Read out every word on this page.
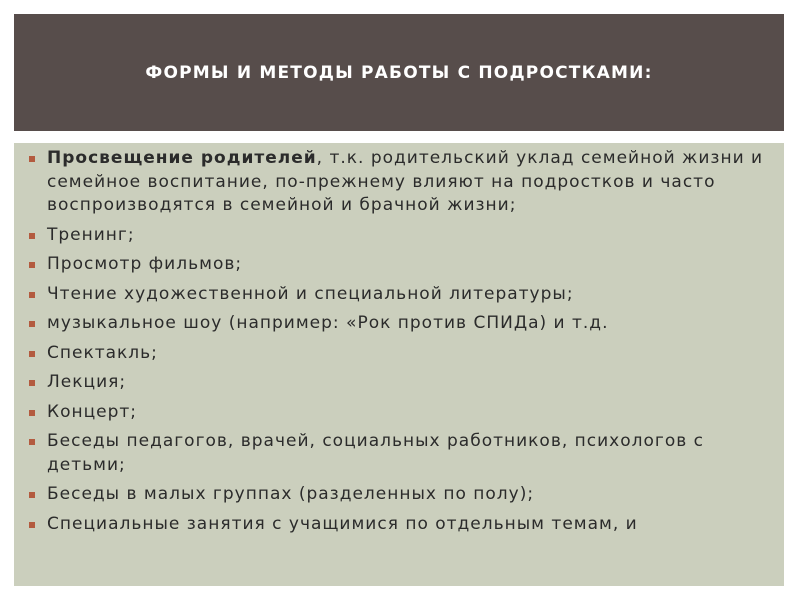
ФОРМЫ И МЕТОДЫ РАБОТЫ С ПОДРОСТКАМИ:
Просвещение родителей, т.к. родительский уклад семейной жизни и семейное воспитание, по-прежнему влияют на подростков и часто воспроизводятся в семейной и брачной жизни;
Тренинг;
Просмотр фильмов;
Чтение художественной и специальной литературы;
музыкальное шоу (например: «Рок против СПИДа) и т.д.
Спектакль;
Лекция;
Концерт;
Беседы педагогов, врачей, социальных работников, психологов с детьми;
Беседы в малых группах (разделенных по полу);
Специальные занятия с учащимися по отдельным темам, и
